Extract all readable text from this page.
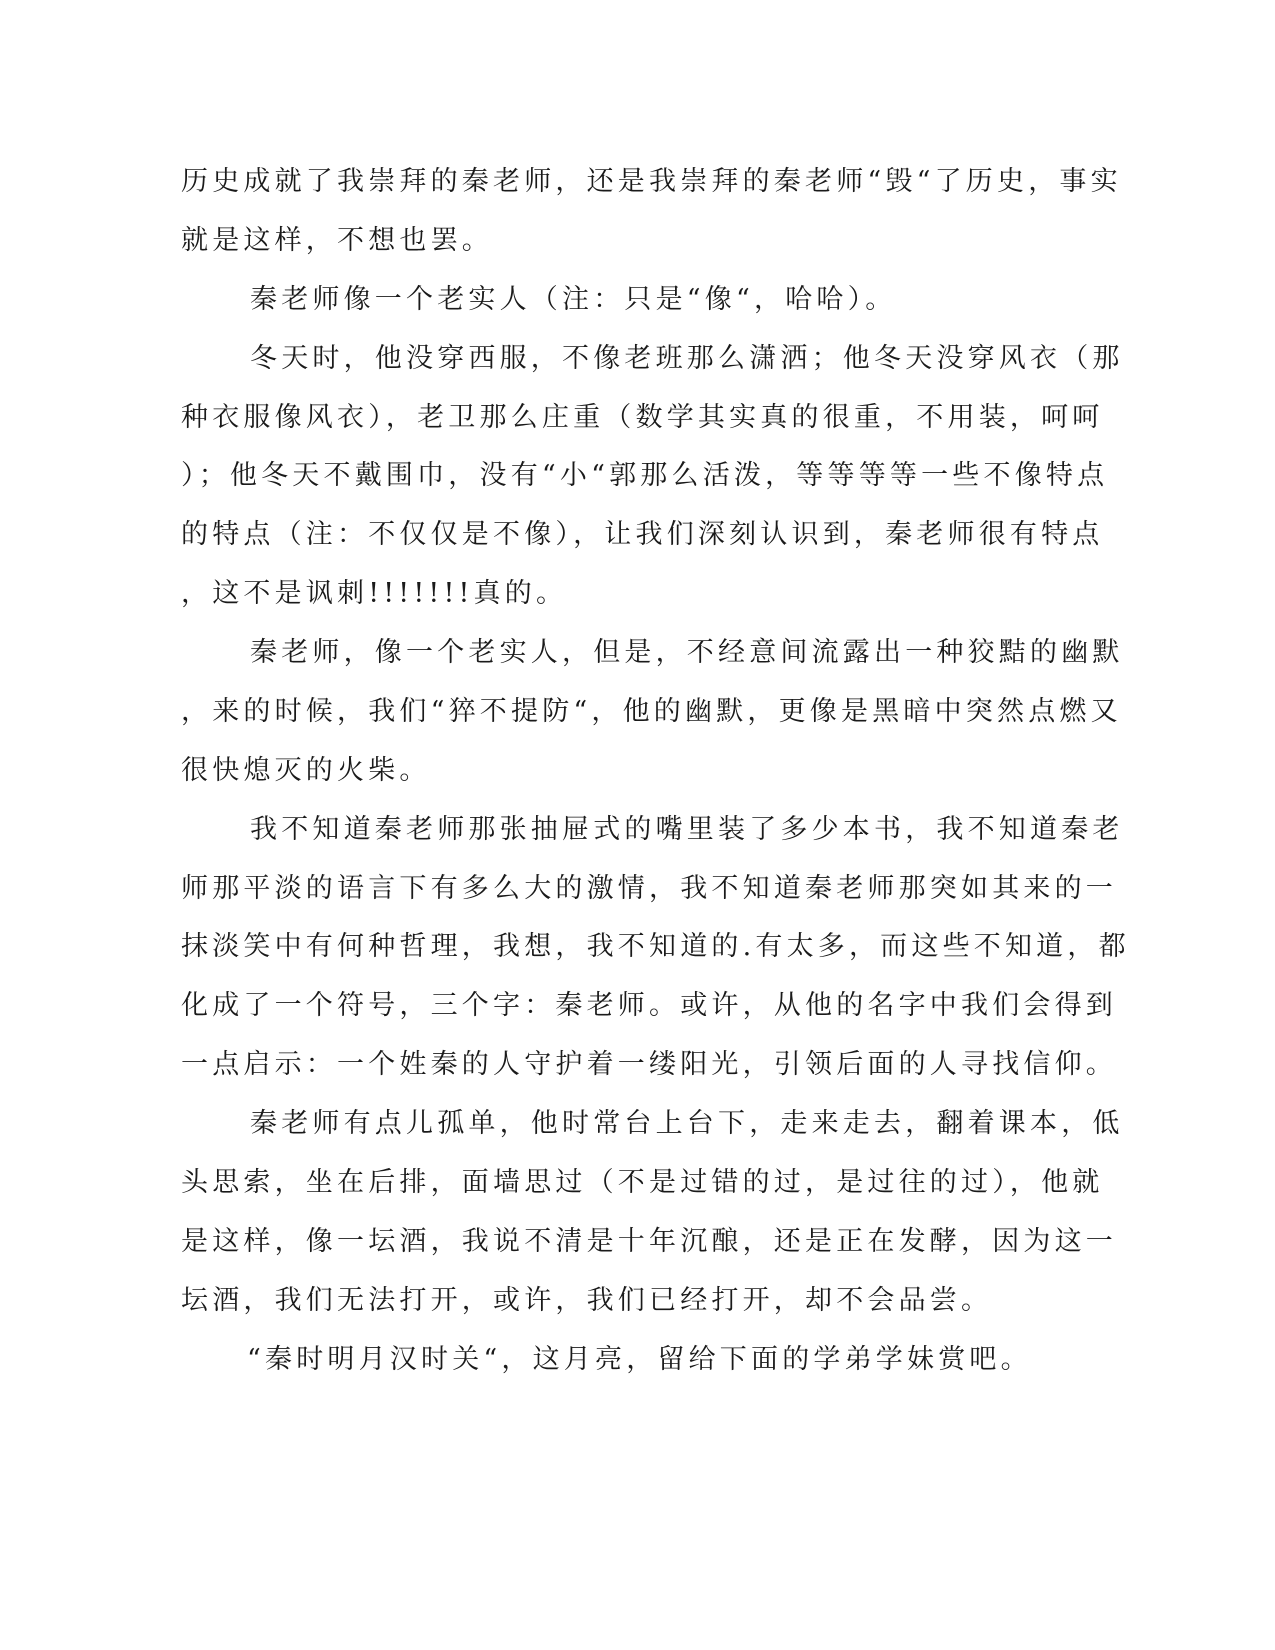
历史成就了我崇拜的秦老师，还是我崇拜的秦老师“毁“了历史，事实
就是这样，不想也罢。
秦老师像一个老实人（注：只是“像“，哈哈）。
冬天时，他没穿西服，不像老班那么潇洒；他冬天没穿风衣（那
种衣服像风衣），老卫那么庄重（数学其实真的很重，不用装，呵呵
）；他冬天不戴围巾，没有“小“郭那么活泼，等等等等一些不像特点
的特点（注：不仅仅是不像），让我们深刻认识到，秦老师很有特点
，这不是讽刺!!!!!!!真的。
秦老师，像一个老实人，但是，不经意间流露出一种狡黠的幽默
，来的时候，我们“猝不提防“，他的幽默，更像是黑暗中突然点燃又
很快熄灭的火柴。
我不知道秦老师那张抽屉式的嘴里装了多少本书，我不知道秦老
师那平淡的语言下有多么大的激情，我不知道秦老师那突如其来的一
抹淡笑中有何种哲理，我想，我不知道的.有太多，而这些不知道，都
化成了一个符号，三个字：秦老师。或许，从他的名字中我们会得到
一点启示：一个姓秦的人守护着一缕阳光，引领后面的人寻找信仰。
秦老师有点儿孤单，他时常台上台下，走来走去，翻着课本，低
头思索，坐在后排，面墙思过（不是过错的过，是过往的过），他就
是这样，像一坛酒，我说不清是十年沉酿，还是正在发酵，因为这一
坛酒，我们无法打开，或许，我们已经打开，却不会品尝。
“秦时明月汉时关“，这月亮，留给下面的学弟学妹赏吧。
